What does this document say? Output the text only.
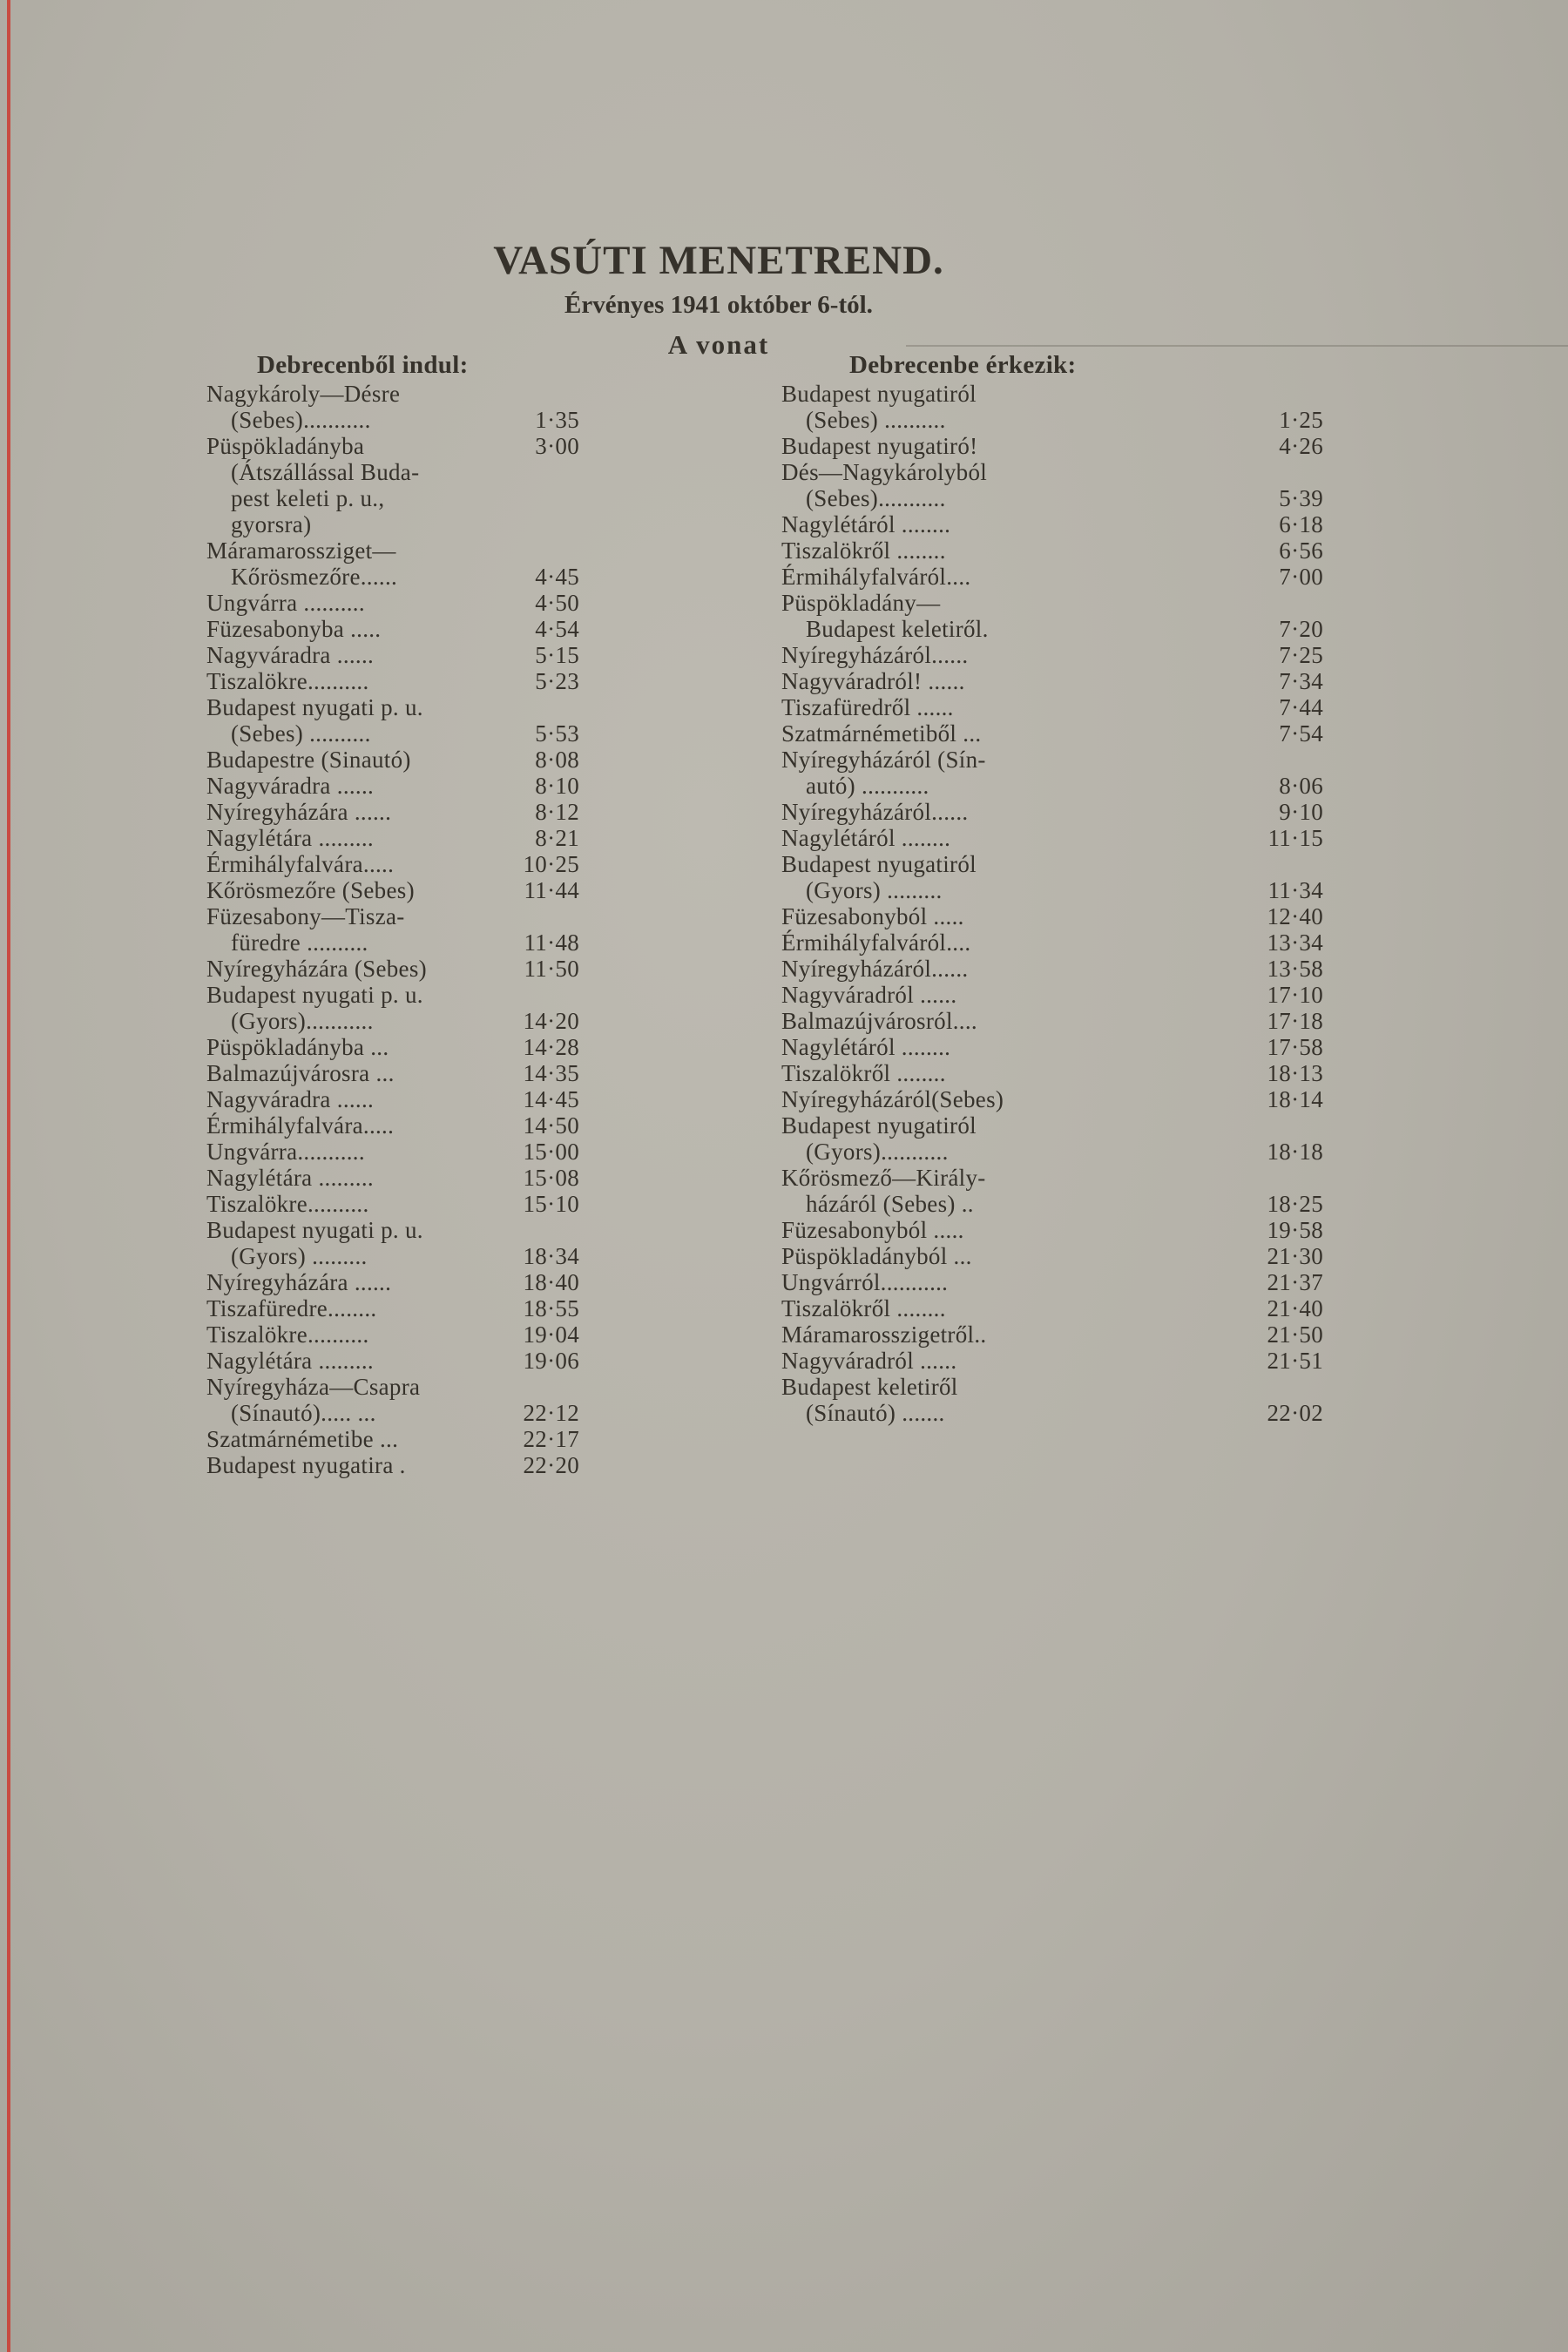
VASÚTI MENETREND.
Érvényes 1941 október 6-tól.
A vonat
Debrecenből indul:
Nagykároly—Désre
(Sebes)...........	1·35
Püspökladányba	3·00
(Átszállással Buda-
pest keleti p. u.,
gyorsra)
Máramarossziget—
Kőrösmezőre......	4·45
Ungvárra ..........	4·50
Füzesabonyba .....	4·54
Nagyváradra ......	5·15
Tiszalökre..........	5·23
Budapest nyugati p. u.
(Sebes) ..........	5·53
Budapestre (Sinautó)	8·08
Nagyváradra ......	8·10
Nyíregyházára ......	8·12
Nagylétára .........	8·21
Érmihályfalvára.....	10·25
Kőrösmezőre (Sebes)	11·44
Füzesabony—Tisza-
füredre ..........	11·48
Nyíregyházára (Sebes)	11·50
Budapest nyugati p. u.
(Gyors)...........	14·20
Püspökladányba ...	14·28
Balmazújvárosra ...	14·35
Nagyváradra ......	14·45
Érmihályfalvára.....	14·50
Ungvárra...........	15·00
Nagylétára .........	15·08
Tiszalökre..........	15·10
Budapest nyugati p. u.
(Gyors) .........	18·34
Nyíregyházára ......	18·40
Tiszafüredre........	18·55
Tiszalökre..........	19·04
Nagylétára .........	19·06
Nyíregyháza—Csapra
(Sínautó)..... ...	22·12
Szatmárnémetibe ...	22·17
Budapest nyugatira .	22·20
Debrecenbe érkezik:
Budapest nyugatiról
(Sebes) ..........	1·25
Budapest nyugatiró!	4·26
Dés—Nagykárolyból
(Sebes)...........	5·39
Nagylétáról ........	6·18
Tiszalökről ........	6·56
Érmihályfalváról....	7·00
Püspökladány—
Budapest keletiről.	7·20
Nyíregyházáról......	7·25
Nagyváradról! ......	7·34
Tiszafüredről ......	7·44
Szatmárnémetiből ...	7·54
Nyíregyházáról (Sín-
autó) ...........	8·06
Nyíregyházáról......	9·10
Nagylétáról ........	11·15
Budapest nyugatiról
(Gyors) .........	11·34
Füzesabonyból .....	12·40
Érmihályfalváról....	13·34
Nyíregyházáról......	13·58
Nagyváradról ......	17·10
Balmazújvárosról....	17·18
Nagylétáról ........	17·58
Tiszalökről ........	18·13
Nyíregyházáról(Sebes)	18·14
Budapest nyugatiról
(Gyors)...........	18·18
Kőrösmező—Király-
házáról (Sebes) ..	18·25
Füzesabonyból .....	19·58
Püspökladányból ...	21·30
Ungvárról...........	21·37
Tiszalökről ........	21·40
Máramarosszigetről..	21·50
Nagyváradról ......	21·51
Budapest keletiről
(Sínautó) .......	22·02
